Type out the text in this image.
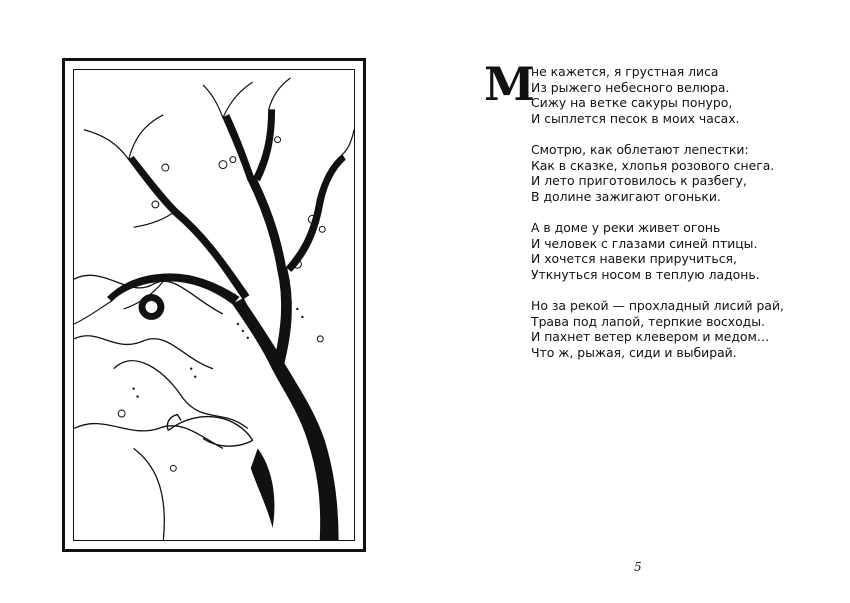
М
не кажется, я грустная лиса
Из рыжего небесного велюра.
Сижу на ветке сакуры понуро,
И сыплется песок в моих часах.
Смотрю, как облетают лепестки:
Как в сказке, хлопья розового снега.
И лето приготовилось к разбегу,
В долине зажигают огоньки.
А в доме у реки живет огонь
И человек с глазами синей птицы.
И хочется навеки приручиться,
Уткнуться носом в теплую ладонь.
Но за рекой — прохладный лисий рай,
Трава под лапой, терпкие восходы.
И пахнет ветер клевером и медом…
Что ж, рыжая, сиди и выбирай.
5
